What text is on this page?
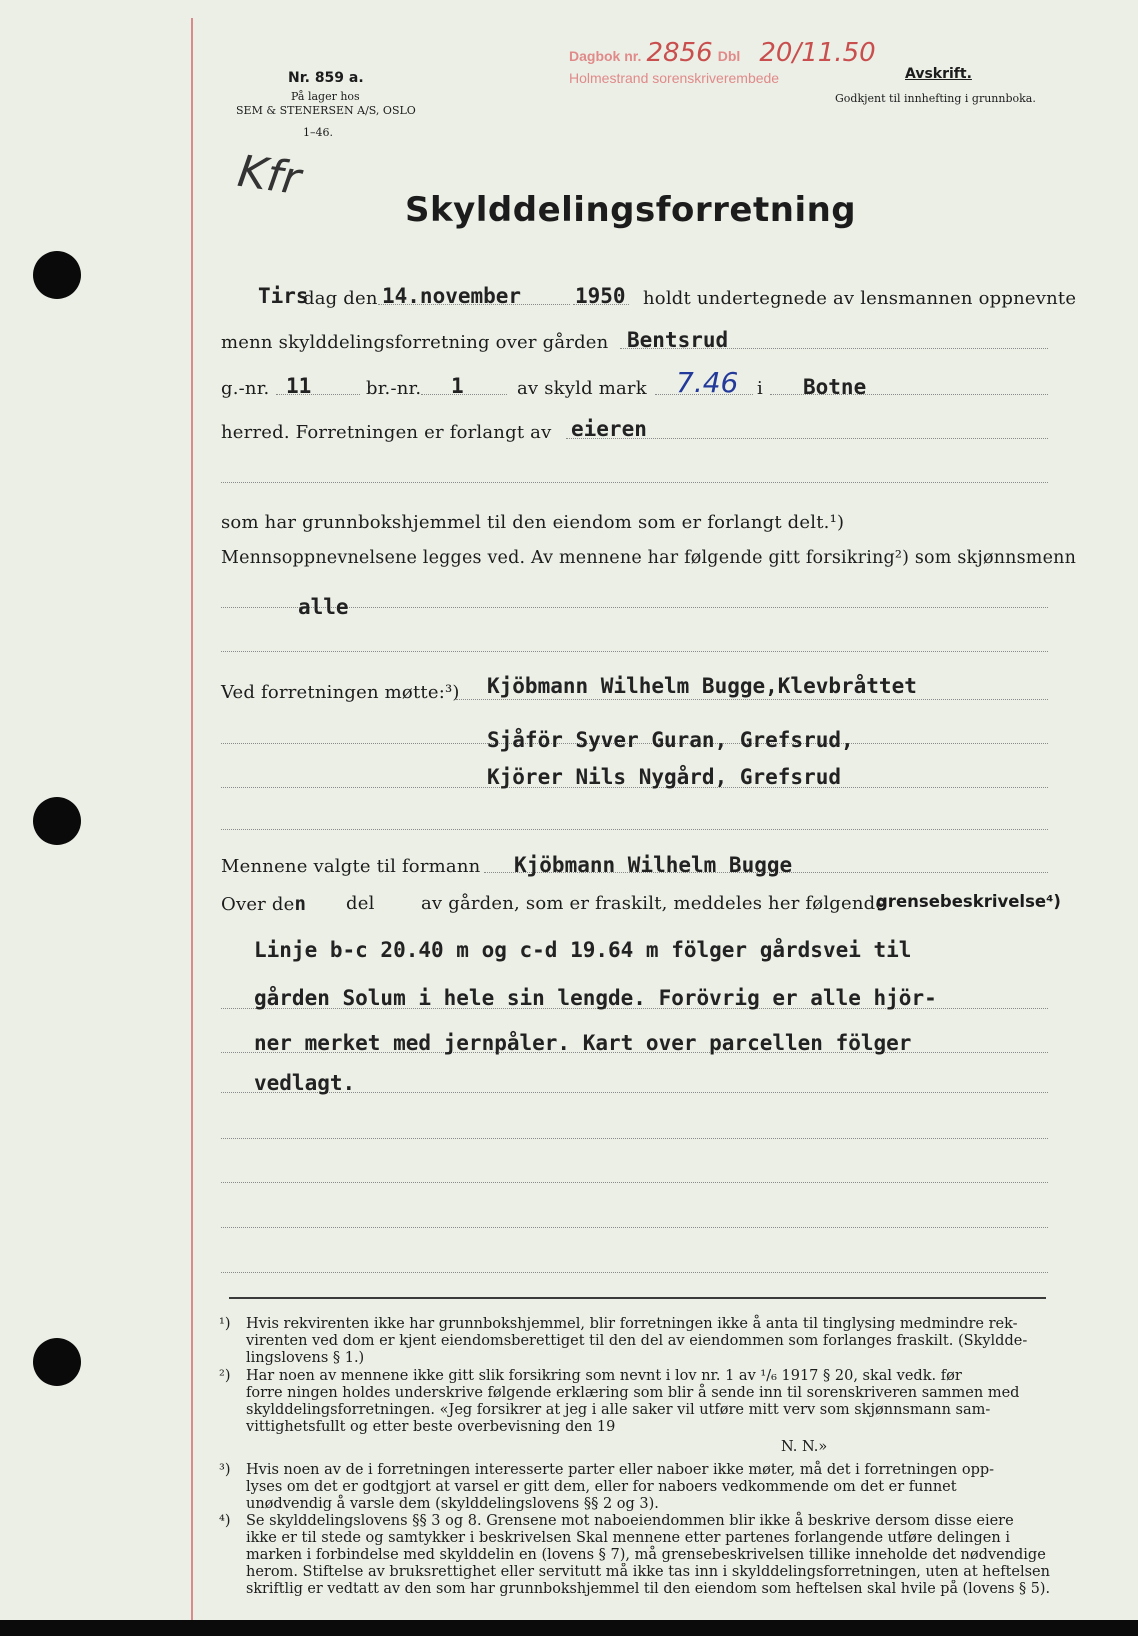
Nr. 859 a.
På lager hos
SEM & STENERSEN A/S, OSLO
1–46.
Dagbok nr. 2856 Dbl 20/11.50
Holmestrand sorenskriverembede	Avskrift.
Godkjent til innhefting i grunnboka.
Kfr
Skylddelingsforretning
Tirs
dag den 14.november	1950 holdt undertegnede av lensmannen oppnevnte
menn skylddelingsforretning over gården Bentsrud
g.-nr. 11	br.-nr. 1	av skyld mark 7.46 i Botne
herred. Forretningen er forlangt av eieren
som har grunnbokshjemmel til den eiendom som er forlangt delt.¹)
Mennsoppnevnelsene legges ved. Av mennene har følgende gitt forsikring²) som skjønnsmenn
alle
Ved forretningen møtte:³) Kjöbmann Wilhelm Bugge,Klevbråttet
Sjåför Syver Guran, Grefsrud,
Kjörer Nils Nygård, Grefsrud
Mennene valgte til formann Kjöbmann Wilhelm Bugge
Over den del	av gården, som er fraskilt, meddeles her følgende
grensebeskrivelse⁴)
Linje b-c 20.40 m og c-d 19.64 m fölger gårdsvei til
gården Solum i hele sin lengde. Forövrig er alle hjör-
ner merket med jernpåler. Kart over parcellen fölger
vedlagt.
¹) Hvis rekvirenten ikke har grunnbokshjemmel, blir forretningen ikke å anta til tinglysing medmindre rek-
virenten ved dom er kjent eiendomsberettiget til den del av eiendommen som forlanges fraskilt. (Skyldde-
lingslovens § 1.)
²) Har noen av mennene ikke gitt slik forsikring som nevnt i lov nr. 1 av ¹/₆ 1917 § 20, skal vedk. før
forre ningen holdes underskrive følgende erklæring som blir å sende inn til sorenskriveren sammen med
skylddelingsforretningen. «Jeg forsikrer at jeg i alle saker vil utføre mitt verv som skjønnsmann sam-
vittighetsfullt og etter beste overbevisning den 19
N. N.»
³) Hvis noen av de i forretningen interesserte parter eller naboer ikke møter, må det i forretningen opp-
lyses om det er godtgjort at varsel er gitt dem, eller for naboers vedkommende om det er funnet
unødvendig å varsle dem (skylddelingslovens §§ 2 og 3).
⁴) Se skylddelingslovens §§ 3 og 8. Grensene mot naboeiendommen blir ikke å beskrive dersom disse eiere
ikke er til stede og samtykker i beskrivelsen Skal mennene etter partenes forlangende utføre delingen i
marken i forbindelse med skylddelin en (lovens § 7), må grensebeskrivelsen tillike inneholde det nødvendige
herom. Stiftelse av bruksrettighet eller servitutt må ikke tas inn i skylddelingsforretningen, uten at heftelsen
skriftlig er vedtatt av den som har grunnbokshjemmel til den eiendom som heftelsen skal hvile på (lovens § 5).
